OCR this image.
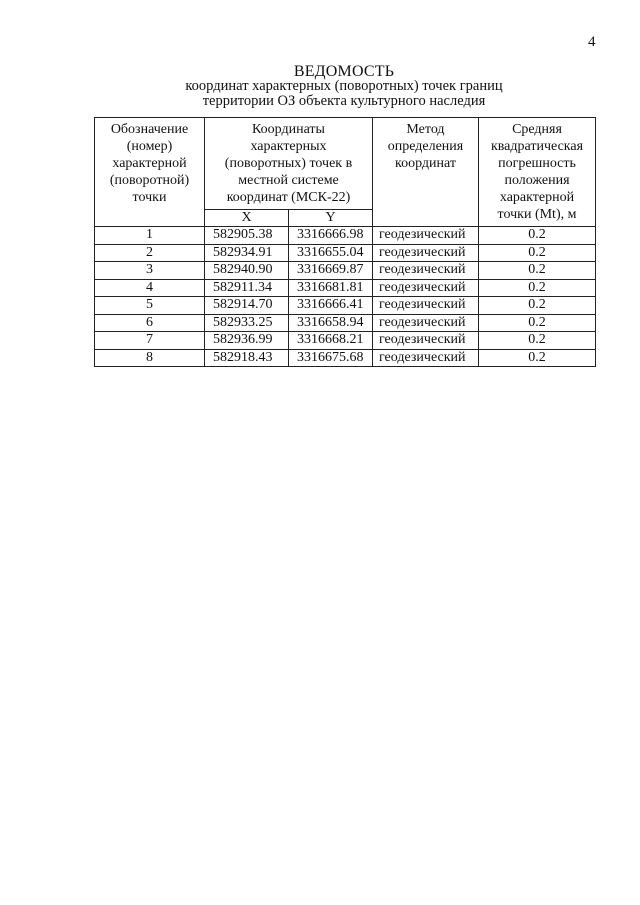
4
ВЕДОМОСТЬ
координат характерных (поворотных) точек границ
территории ОЗ объекта культурного наследия
Обозначение (номер) характерной (поворотной) точки	Координаты характерных (поворотных) точек в местной системе координат (МСК-22)		Метод определения координат	Средняя квадратическая погрешность положения характерной точки (Mt), м

	X	Y		
1	582905.38	3316666.98	геодезический	0.2
2	582934.91	3316655.04	геодезический	0.2
3	582940.90	3316669.87	геодезический	0.2
4	582911.34	3316681.81	геодезический	0.2
5	582914.70	3316666.41	геодезический	0.2
6	582933.25	3316658.94	геодезический	0.2
7	582936.99	3316668.21	геодезический	0.2
8	582918.43	3316675.68	геодезический	0.2
